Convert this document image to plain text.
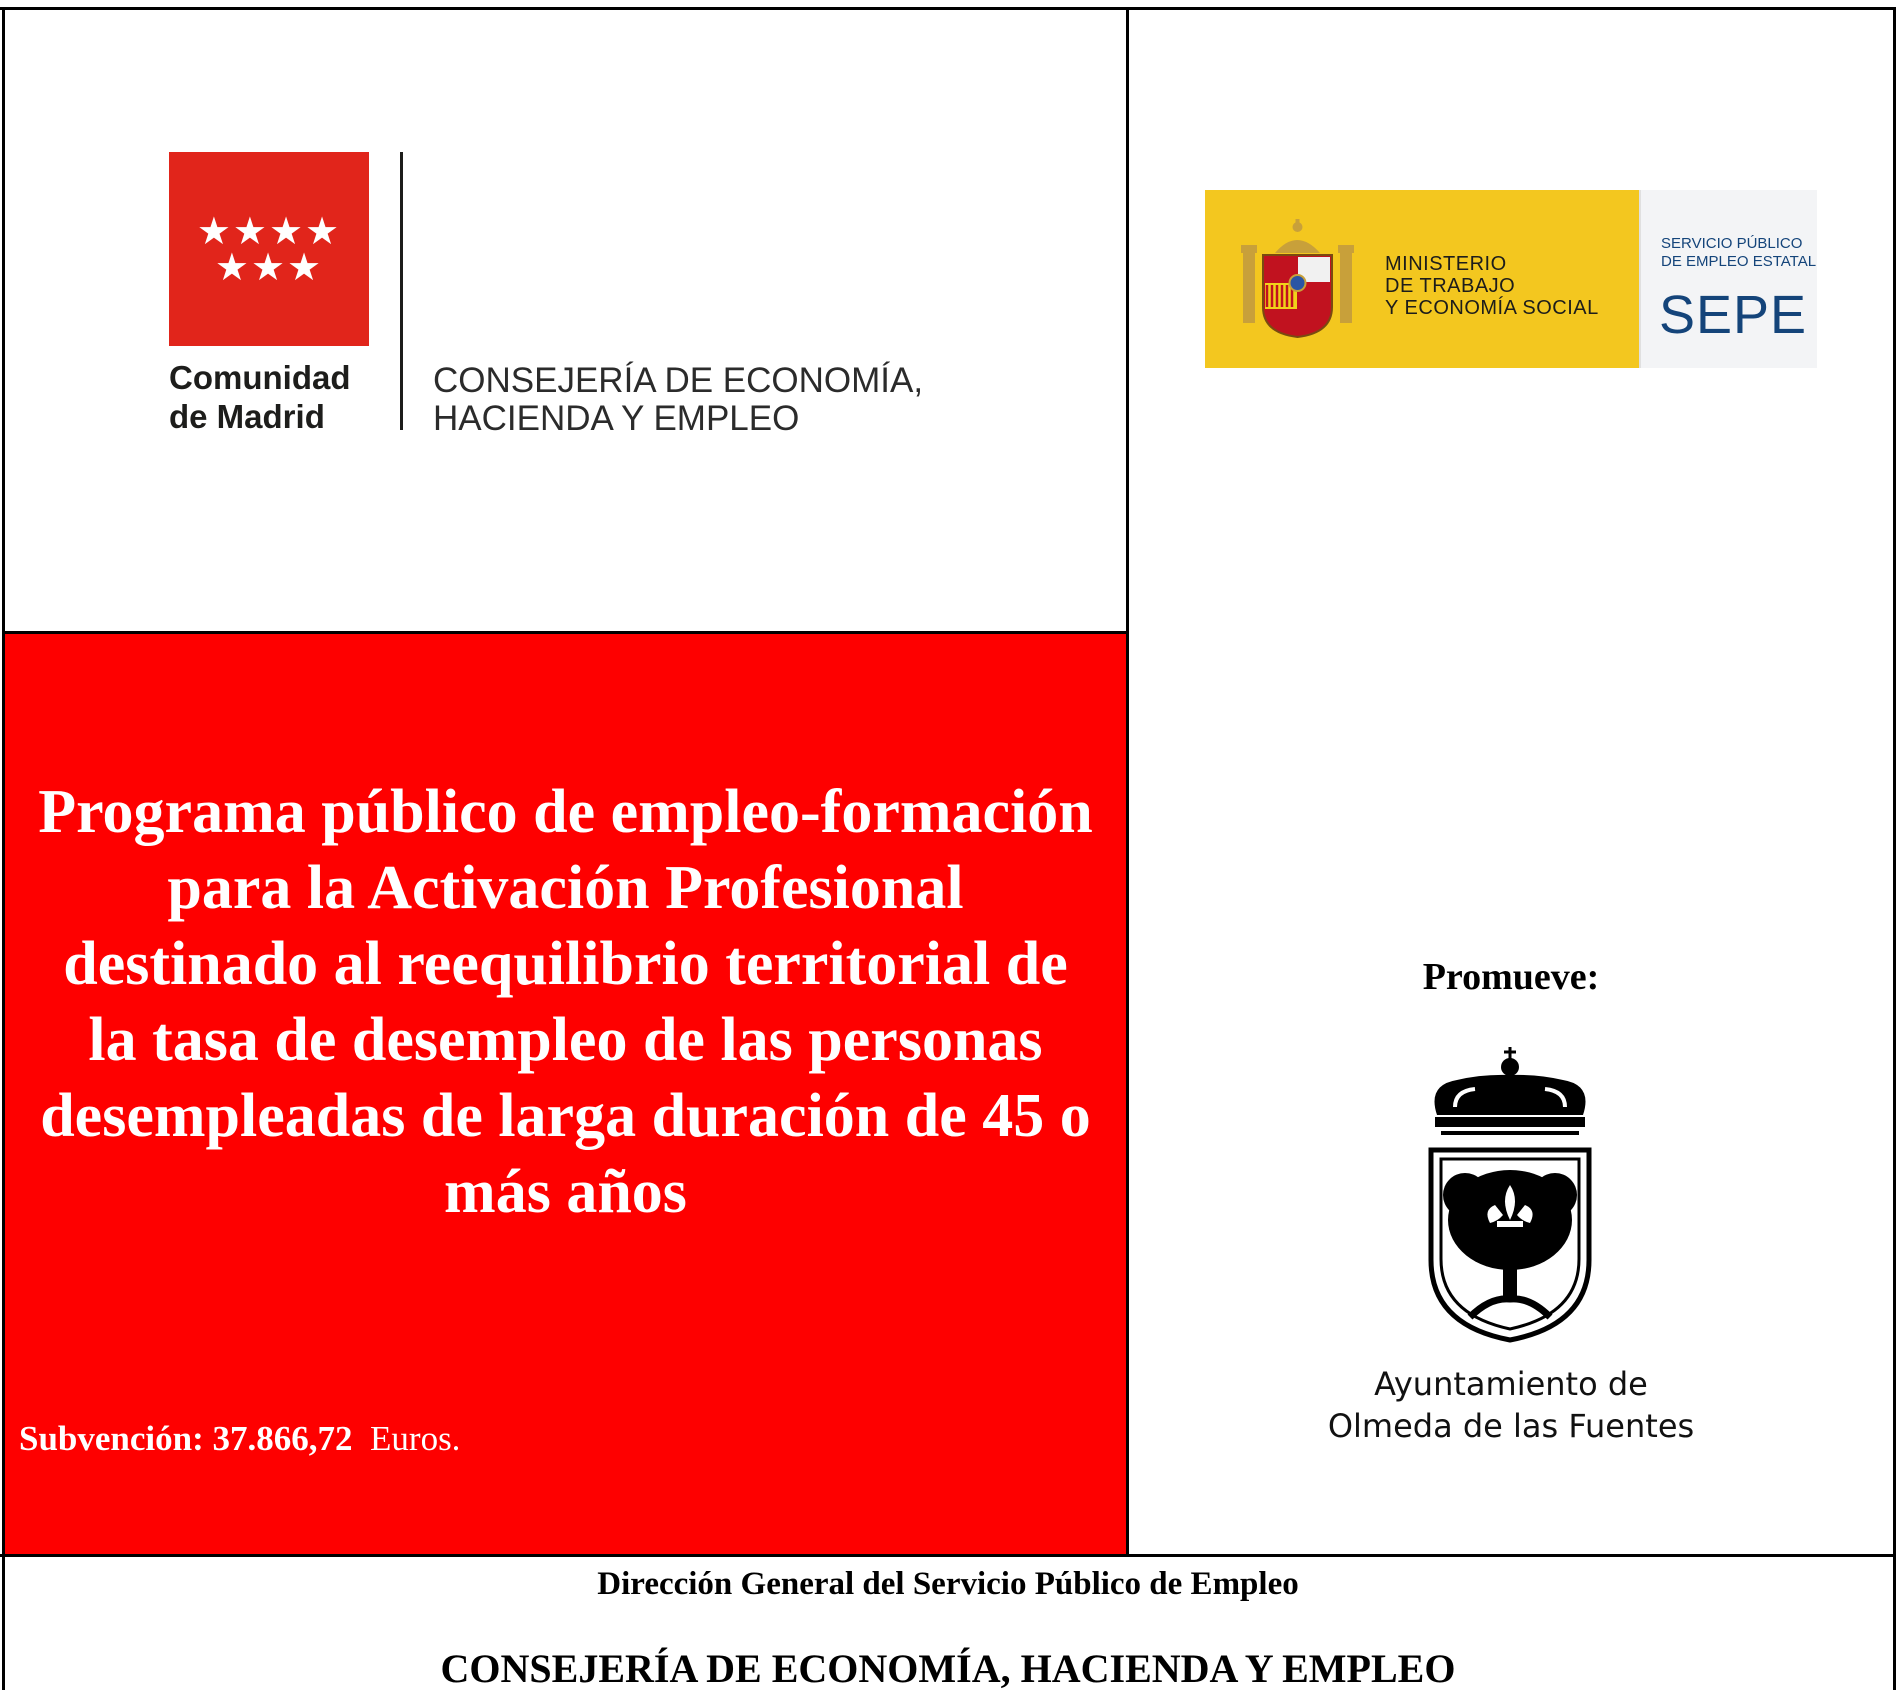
★★★★
★★★
Comunidad
de Madrid
CONSEJERÍA DE ECONOMÍA,
HACIENDA Y EMPLEO
MINISTERIO
DE TRABAJO
Y ECONOMÍA SOCIAL
SERVICIO PÚBLICO
DE EMPLEO ESTATAL
SEPE
Programa público de empleo-formación para la Activación Profesional destinado al reequilibrio territorial de la tasa de desempleo de las personas desempleadas de larga duración de 45 o más años
Subvención: 37.866,72 Euros.
Promueve:
Ayuntamiento de
Olmeda de las Fuentes
Dirección General del Servicio Público de Empleo
CONSEJERÍA DE ECONOMÍA, HACIENDA Y EMPLEO
